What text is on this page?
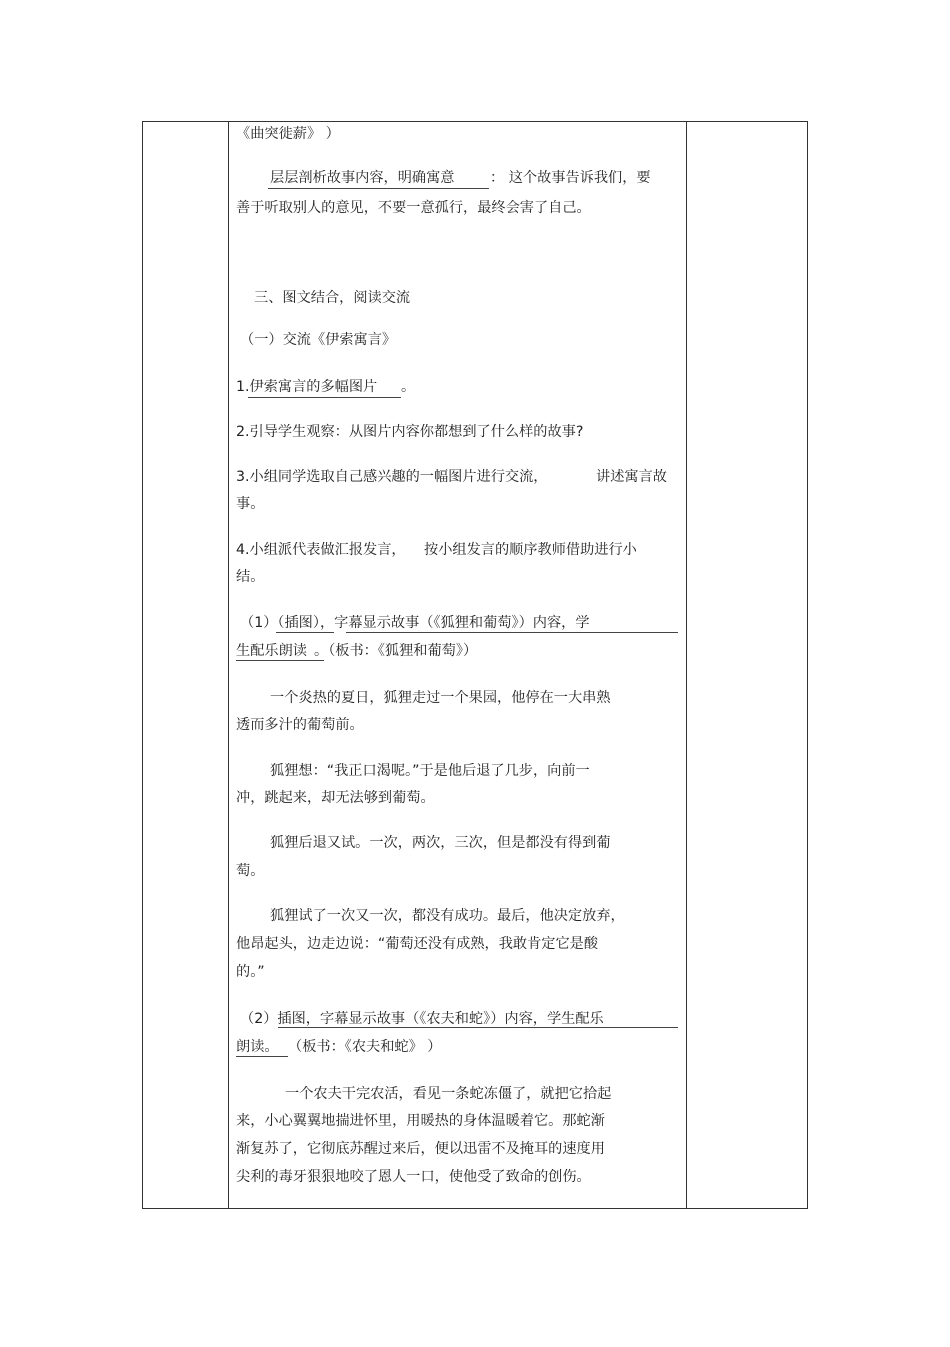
《曲突徙薪》 ）
层层剖析故事内容，明确寓意	： 这个故事告诉我们，要
善于听取别人的意见，不要一意孤行，最终会害了自己。
三、图文结合，阅读交流
（一）交流《伊索寓言》
1.伊索寓言的多幅图片 。
2.引导学生观察：从图片内容你都想到了什么样的故事?
3.小组同学选取自己感兴趣的一幅图片进行交流，	讲述寓言故
事。
4.小组派代表做汇报发言， 按小组发言的顺序教师借助进行小
结。
（1）（插图），字幕显示故事（《狐狸和葡萄》）内容，学
生配乐朗读 。（板书：《狐狸和葡萄》）
一个炎热的夏日，狐狸走过一个果园，他停在一大串熟
透而多汁的葡萄前。
狐狸想：“我正口渴呢。”于是他后退了几步，向前一
冲，跳起来，却无法够到葡萄。
狐狸后退又试。一次，两次，三次，但是都没有得到葡
萄。
狐狸试了一次又一次，都没有成功。最后，他决定放弃，
他昂起头，边走边说：“葡萄还没有成熟，我敢肯定它是酸
的。”
（2）插图，字幕显示故事（《农夫和蛇》）内容，学生配乐
朗读。 （板书：《农夫和蛇》 ）
一个农夫干完农活，看见一条蛇冻僵了，就把它拾起
来，小心翼翼地揣进怀里，用暖热的身体温暖着它。那蛇渐
渐复苏了，它彻底苏醒过来后，便以迅雷不及掩耳的速度用
尖利的毒牙狠狠地咬了恩人一口，使他受了致命的创伤。
